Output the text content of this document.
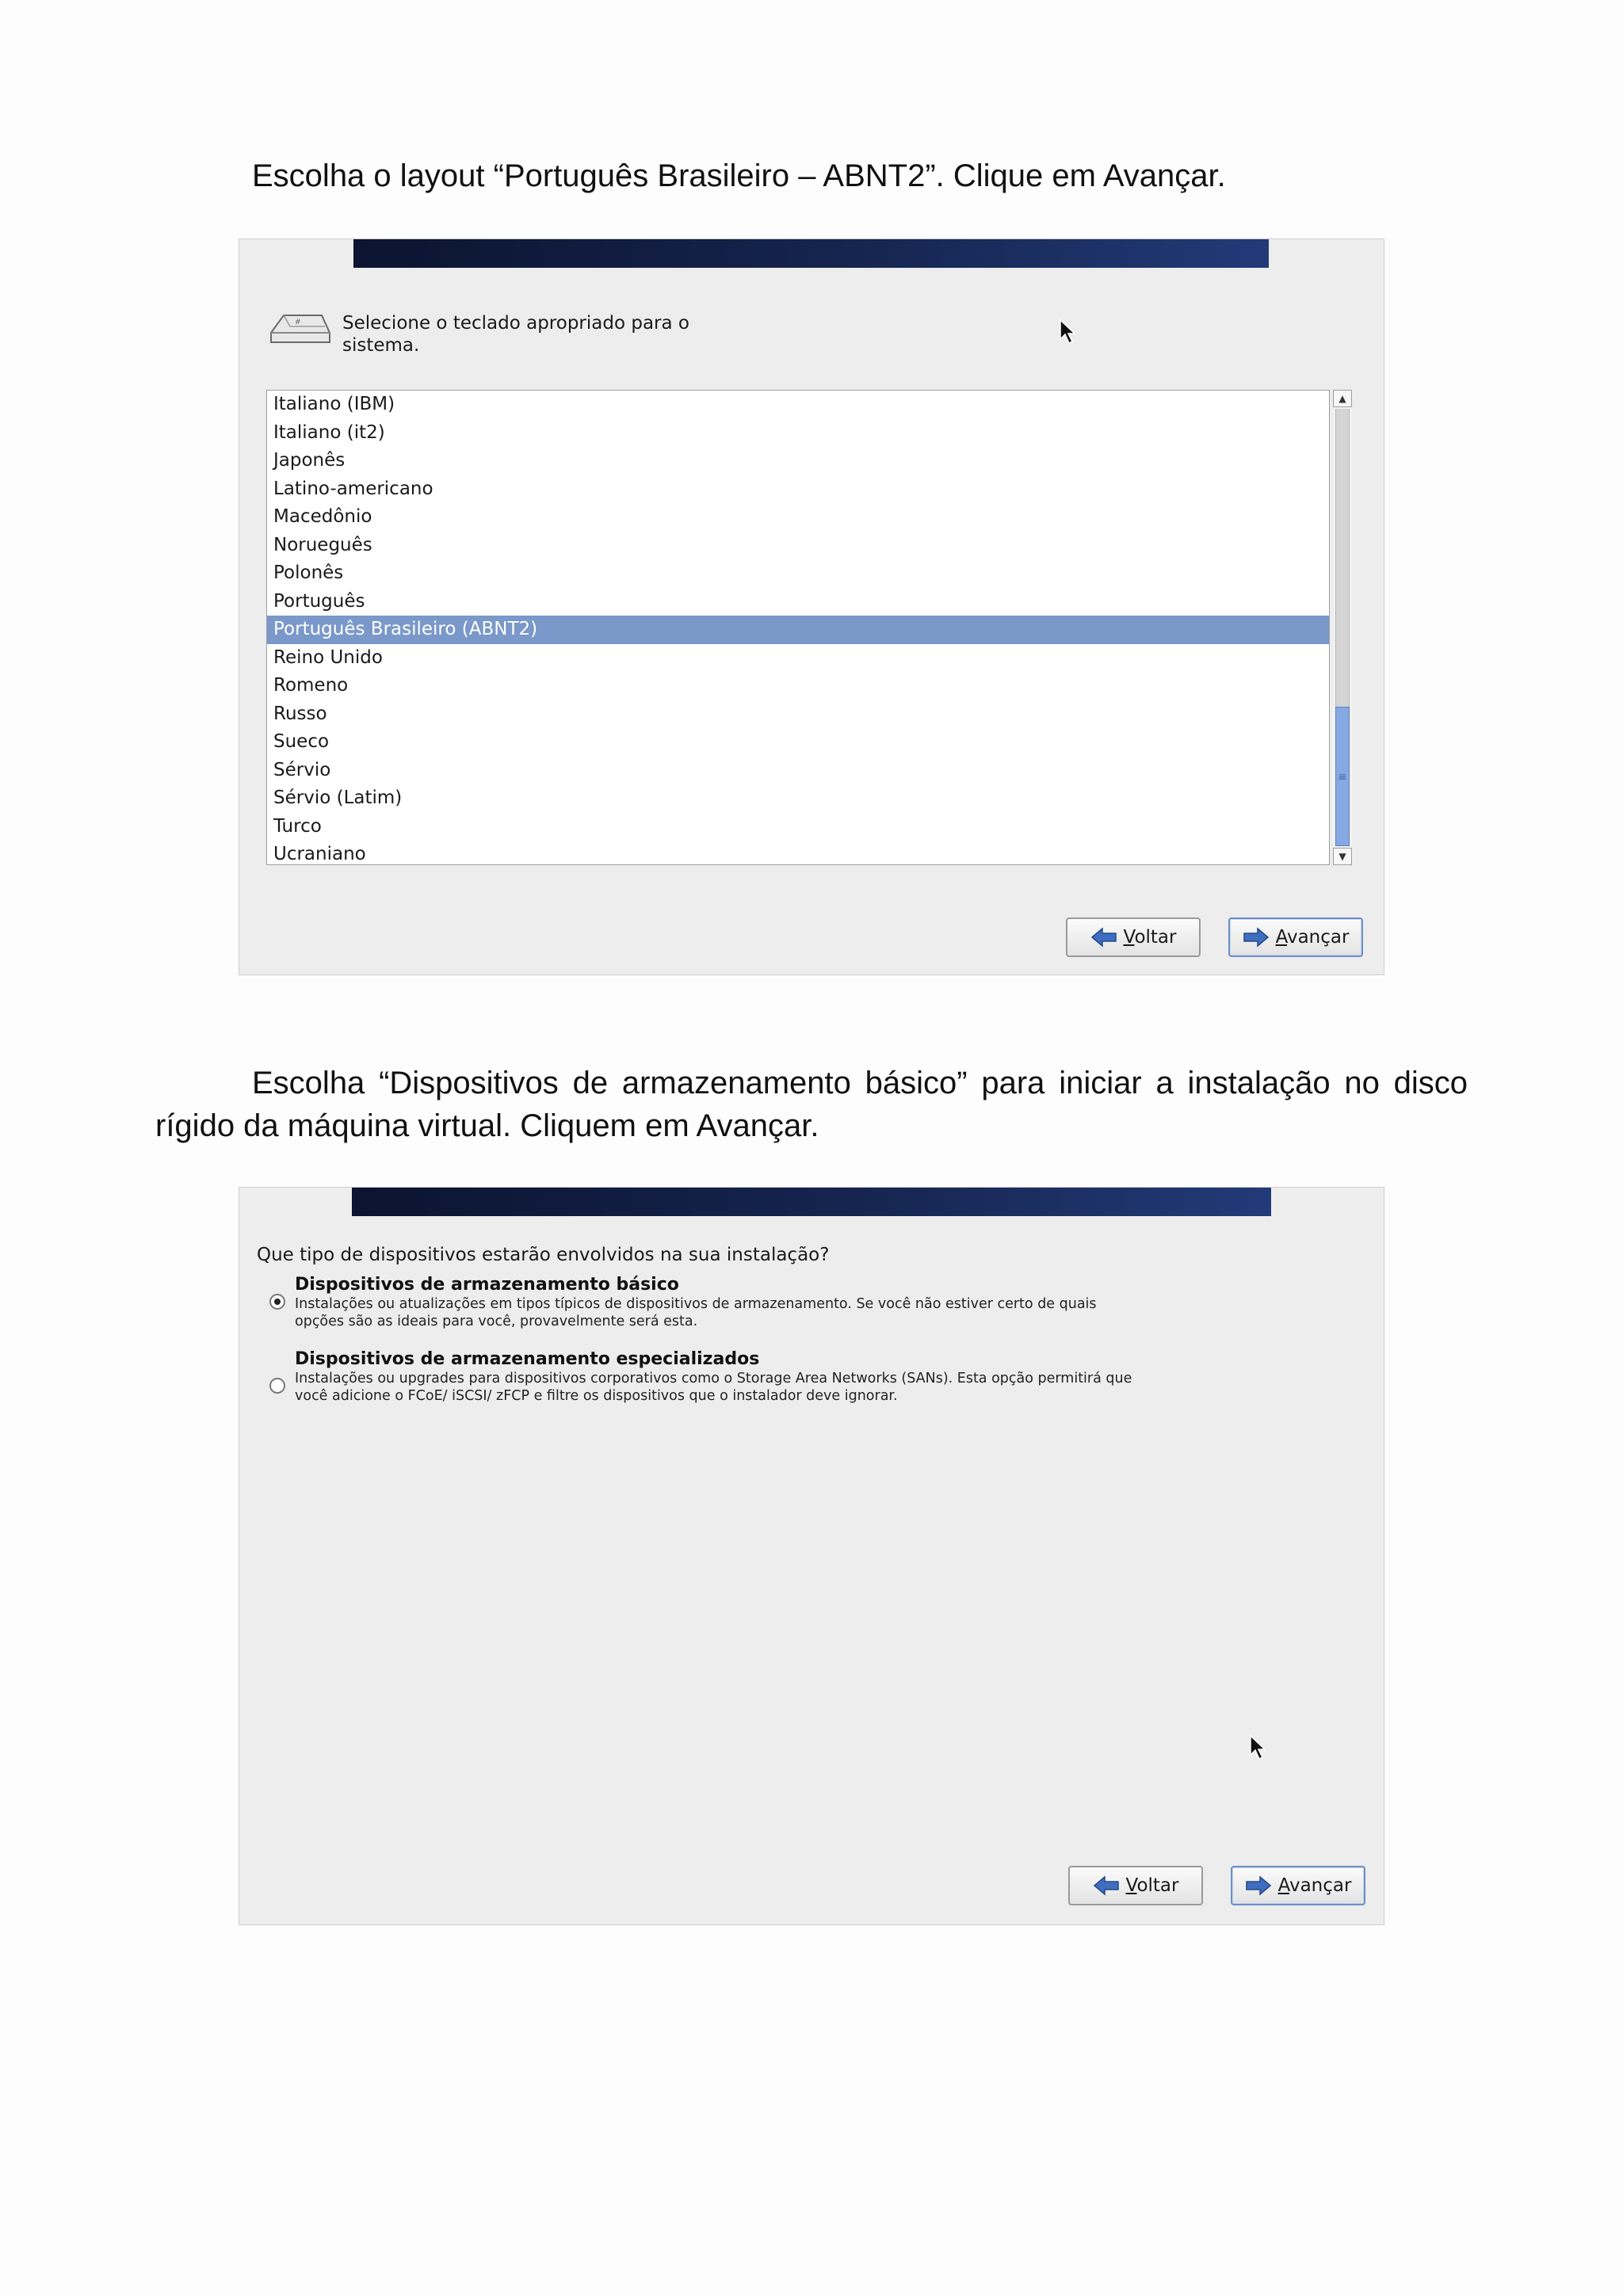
Escolha o layout “Português Brasileiro – ABNT2”. Clique em Avançar.

# Selecione o teclado apropriado para o sistema.
Italiano (IBM)
Italiano (it2)
Japonês
Latino-americano
Macedônio
Norueguês
Polonês
Português
Português Brasileiro (ABNT2)
Reino Unido
Romeno
Russo
Sueco
Sérvio
Sérvio (Latim)
Turco
Ucraniano
▲
≡
▼
Voltar	Avançar

Escolha “Dispositivos de armazenamento básico” para iniciar a instalação no disco rígido da máquina virtual. Cliquem em Avançar.

Que tipo de dispositivos estarão envolvidos na sua instalação?
Dispositivos de armazenamento básico
Instalações ou atualizações em tipos típicos de dispositivos de armazenamento. Se você não estiver certo de quais opções são as ideais para você, provavelmente será esta.
Dispositivos de armazenamento especializados
Instalações ou upgrades para dispositivos corporativos como o Storage Area Networks (SANs). Esta opção permitirá que você adicione o FCoE/ iSCSI/ zFCP e filtre os dispositivos que o instalador deve ignorar.
Voltar	Avançar
